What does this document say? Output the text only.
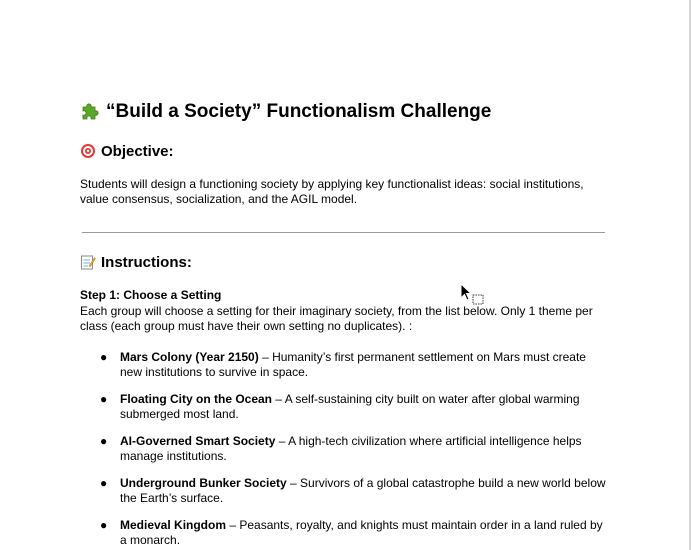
“Build a Society” Functionalism Challenge
Objective:
Students will design a functioning society by applying key functionalist ideas: social institutions, value consensus, socialization, and the AGIL model.
Instructions:
Step 1: Choose a Setting
Each group will choose a setting for their imaginary society, from the list below. Only 1 theme per class (each group must have their own setting no duplicates). :
● Mars Colony (Year 2150) – Humanity’s first permanent settlement on Mars must create new institutions to survive in space.
● Floating City on the Ocean – A self-sustaining city built on water after global warming submerged most land.
● AI-Governed Smart Society – A high-tech civilization where artificial intelligence helps manage institutions.
● Underground Bunker Society – Survivors of a global catastrophe build a new world below the Earth’s surface.
● Medieval Kingdom – Peasants, royalty, and knights must maintain order in a land ruled by a monarch.
